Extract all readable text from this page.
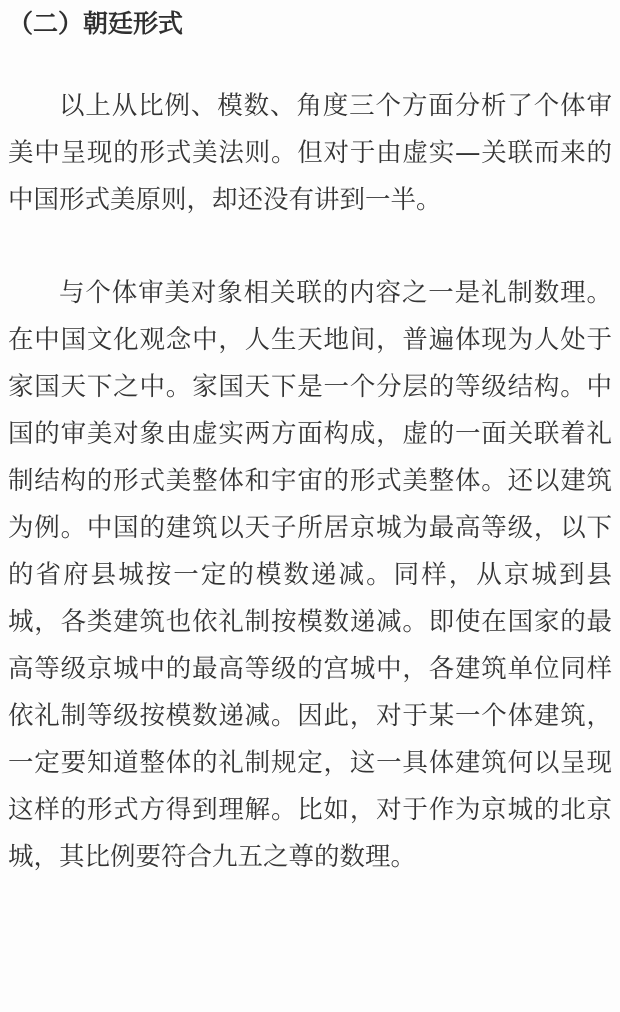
（二）朝廷形式

以上从比例、模数、角度三个方面分析了个体审美中呈现的形式美法则。但对于由虚实—关联而来的中国形式美原则，却还没有讲到一半。

与个体审美对象相关联的内容之一是礼制数理。在中国文化观念中，人生天地间，普遍体现为人处于家国天下之中。家国天下是一个分层的等级结构。中国的审美对象由虚实两方面构成，虚的一面关联着礼制结构的形式美整体和宇宙的形式美整体。还以建筑为例。中国的建筑以天子所居京城为最高等级，以下的省府县城按一定的模数递减。同样，从京城到县城，各类建筑也依礼制按模数递减。即使在国家的最高等级京城中的最高等级的宫城中，各建筑单位同样依礼制等级按模数递减。因此，对于某一个体建筑，一定要知道整体的礼制规定，这一具体建筑何以呈现这样的形式方得到理解。比如，对于作为京城的北京城，其比例要符合九五之尊的数理。
